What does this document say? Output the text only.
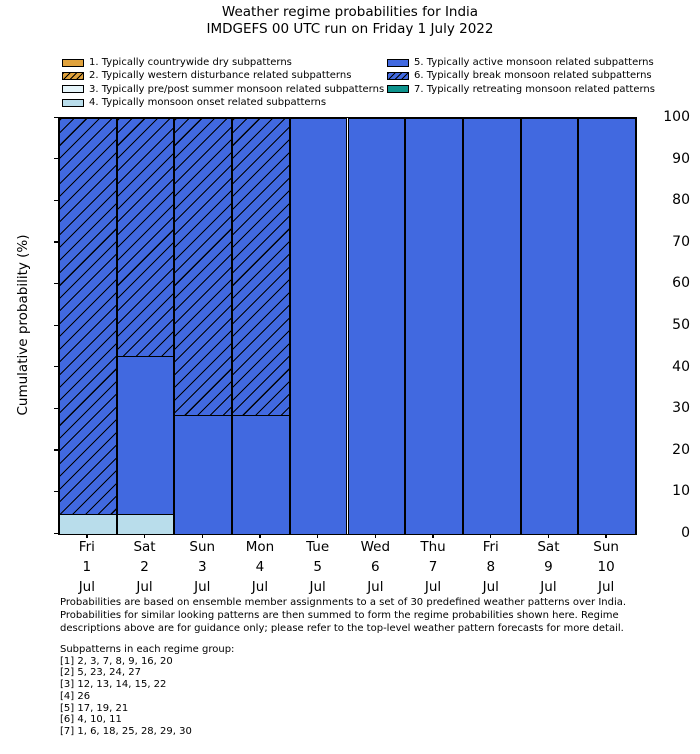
Weather regime probabilities for India
IMDGEFS 00 UTC run on Friday 1 July 2022
1. Typically countrywide dry subpatterns
2. Typically western disturbance related subpatterns
3. Typically pre/post summer monsoon related subpatterns
4. Typically monsoon onset related subpatterns
5. Typically active monsoon related subpatterns
6. Typically break monsoon related subpatterns
7. Typically retreating monsoon related patterns
Cumulative probability (%)
0
10
20
30
40
50
60
70
80
90
100
Fri
1
Jul
Sat
2
Jul
Sun
3
Jul
Mon
4
Jul
Tue
5
Jul
Wed
6
Jul
Thu
7
Jul
Fri
8
Jul
Sat
9
Jul
Sun
10
Jul
Probabilities are based on ensemble member assignments to a set of 30 predefined weather patterns over India.
Probabilities for similar looking patterns are then summed to form the regime probabilities shown here. Regime
descriptions above are for guidance only; please refer to the top-level weather pattern forecasts for more detail.
Subpatterns in each regime group:
[1] 2, 3, 7, 8, 9, 16, 20
[2] 5, 23, 24, 27
[3] 12, 13, 14, 15, 22
[4] 26
[5] 17, 19, 21
[6] 4, 10, 11
[7] 1, 6, 18, 25, 28, 29, 30
